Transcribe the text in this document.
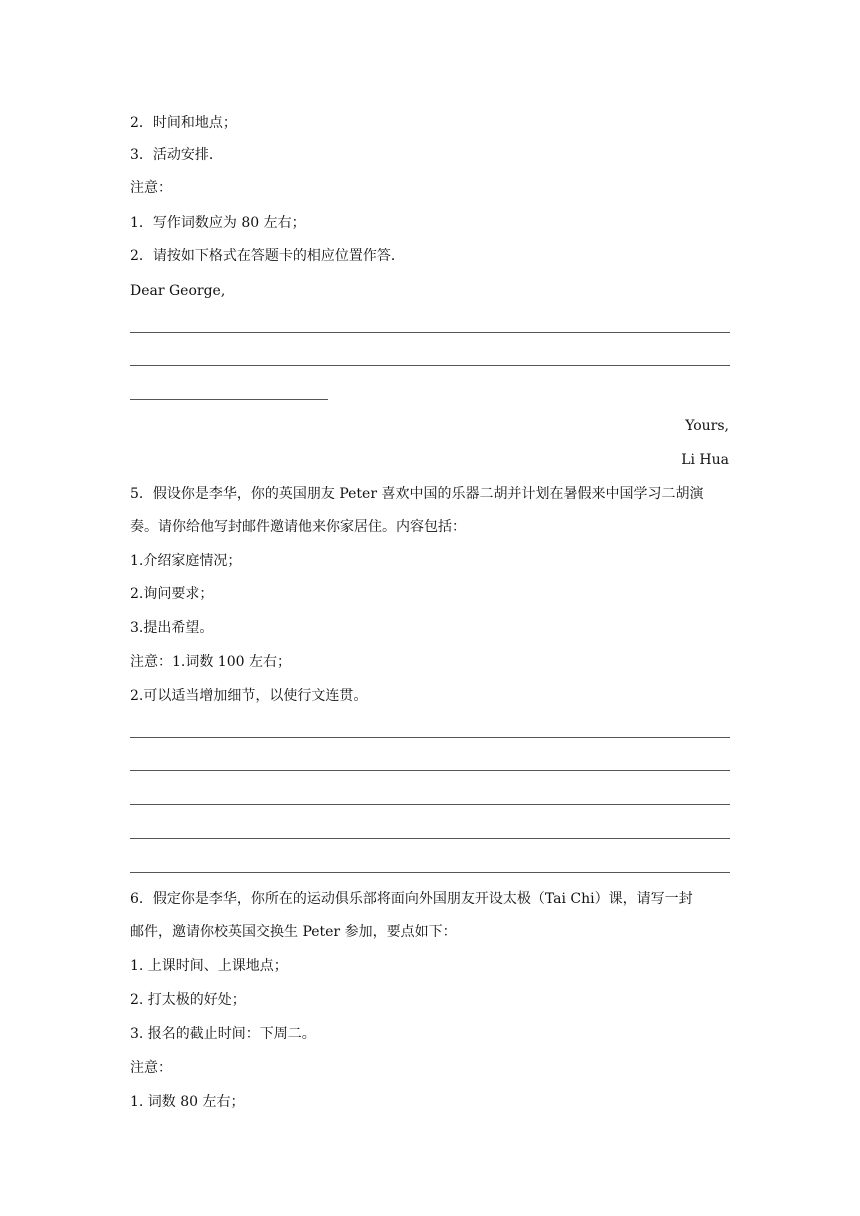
2．时间和地点；
3．活动安排．
注意：
1．写作词数应为 80 左右；
2．请按如下格式在答题卡的相应位置作答．
Dear George,
Yours,
Li Hua
5．假设你是李华，你的英国朋友 Peter 喜欢中国的乐器二胡并计划在暑假来中国学习二胡演
奏。请你给他写封邮件邀请他来你家居住。内容包括：
1.介绍家庭情况；
2.询问要求；
3.提出希望。
注意：1.词数 100 左右；
2.可以适当增加细节，以使行文连贯。
6．假定你是李华，你所在的运动俱乐部将面向外国朋友开设太极（Tai Chi）课，请写一封
邮件，邀请你校英国交换生 Peter 参加，要点如下：
1. 上课时间、上课地点；
2. 打太极的好处；
3. 报名的截止时间：下周二。
注意：
1. 词数 80 左右；
